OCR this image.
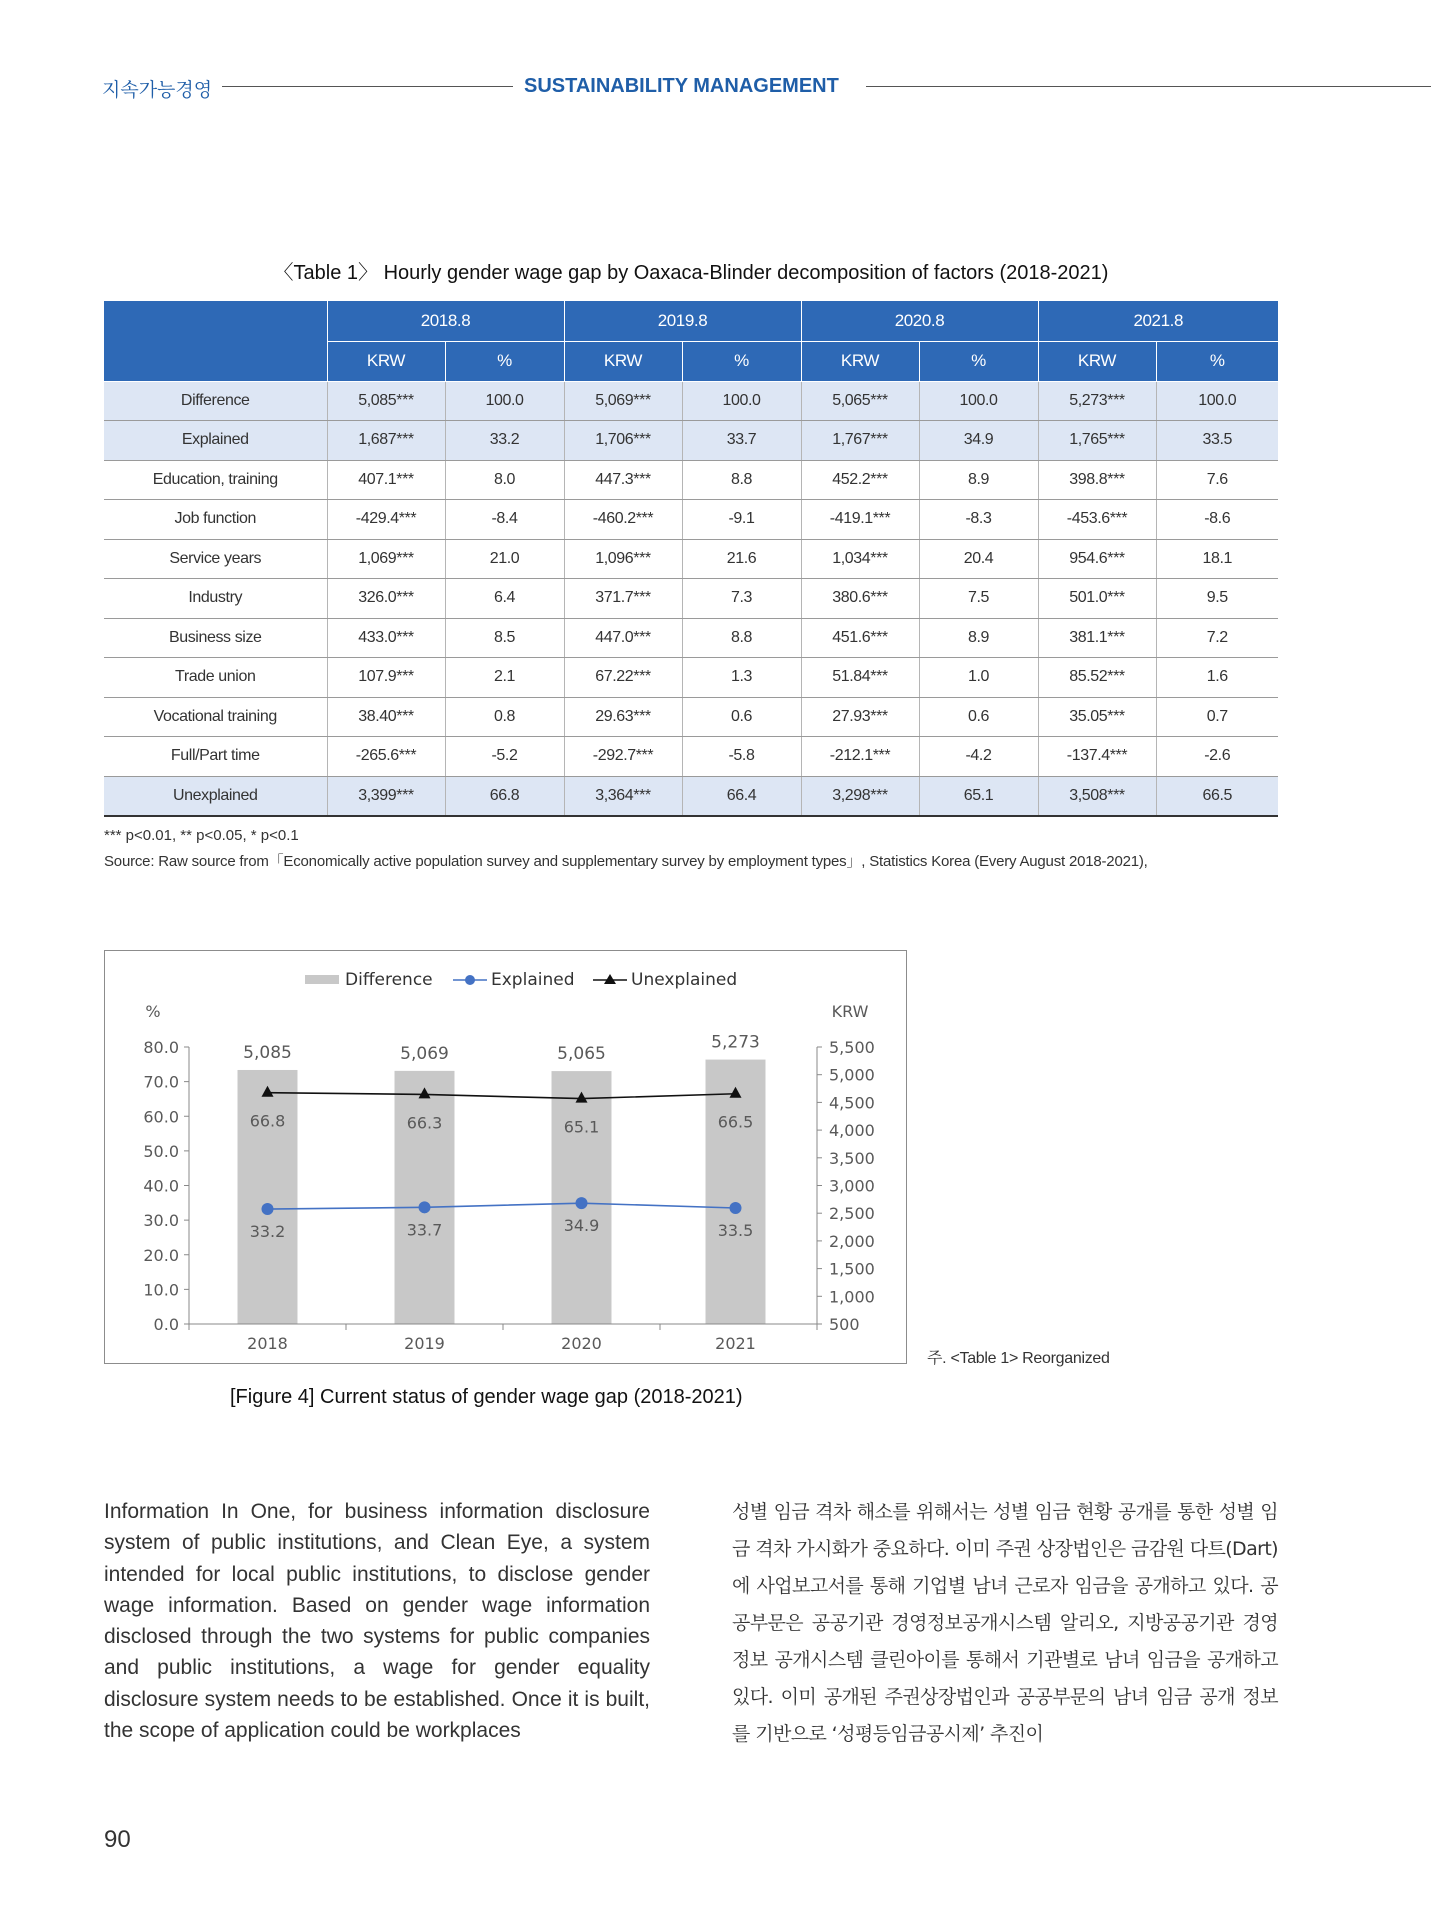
지속가능경영	SUSTAINABILITY MANAGEMENT
〈Table 1〉 Hourly gender wage gap by Oaxaca-Blinder decomposition of factors (2018-2021)
	2018.8		2019.8		2020.8		2021.8	
	KRW	%	KRW	%	KRW	%	KRW	%
Difference	5,085***	100.0	5,069***	100.0	5,065***	100.0	5,273***	100.0
Explained	1,687***	33.2	1,706***	33.7	1,767***	34.9	1,765***	33.5
Education, training	407.1***	8.0	447.3***	8.8	452.2***	8.9	398.8***	7.6
Job function	-429.4***	-8.4	-460.2***	-9.1	-419.1***	-8.3	-453.6***	-8.6
Service years	1,069***	21.0	1,096***	21.6	1,034***	20.4	954.6***	18.1
Industry	326.0***	6.4	371.7***	7.3	380.6***	7.5	501.0***	9.5
Business size	433.0***	8.5	447.0***	8.8	451.6***	8.9	381.1***	7.2
Trade union	107.9***	2.1	67.22***	1.3	51.84***	1.0	85.52***	1.6
Vocational training	38.40***	0.8	29.63***	0.6	27.93***	0.6	35.05***	0.7
Full/Part time	-265.6***	-5.2	-292.7***	-5.8	-212.1***	-4.2	-137.4***	-2.6
Unexplained	3,399***	66.8	3,364***	66.4	3,298***	65.1	3,508***	66.5
*** p<0.01, ** p<0.05, * p<0.1
Source: Raw source from「Economically active population survey and supplementary survey by employment types」, Statistics Korea (Every August 2018-2021),
Difference	Explained	Unexplained
%	KRW
0.0
10.0
20.0
30.0
40.0
50.0
60.0
70.0
80.0
500
1,000
1,500
2,000
2,500
3,000
3,500
4,000
4,500
5,000
5,500
2018	2019	2020	2021
5,085	5,069	5,065
5,273
33.2	33.7	34.9	33.5
66.8	66.3	65.1	66.5
주. <Table 1> Reorganized
[Figure 4] Current status of gender wage gap (2018-2021)

Information In One, for business information disclosure system of public institutions, and Clean Eye, a system intended for local public institutions, to disclose gender wage information. Based on gender wage information disclosed through the two systems for public companies and public institutions, a wage for gender equality disclosure system needs to be established. Once it is built, the scope of application could be workplaces

성별 임금 격차 해소를 위해서는 성별 임금 현황 공개를 통한 성별 임금 격차 가시화가 중요하다. 이미 주권 상장법인은 금감원 다트(Dart)에 사업보고서를 통해 기업별 남녀 근로자 임금을 공개하고 있다. 공공부문은 공공기관 경영정보공개시스템 알리오, 지방공공기관 경영정보 공개시스템 클린아이를 통해서 기관별로 남녀 임금을 공개하고 있다. 이미 공개된 주권상장법인과 공공부문의 남녀 임금 공개 정보를 기반으로 ‘성평등임금공시제’ 추진이

90
